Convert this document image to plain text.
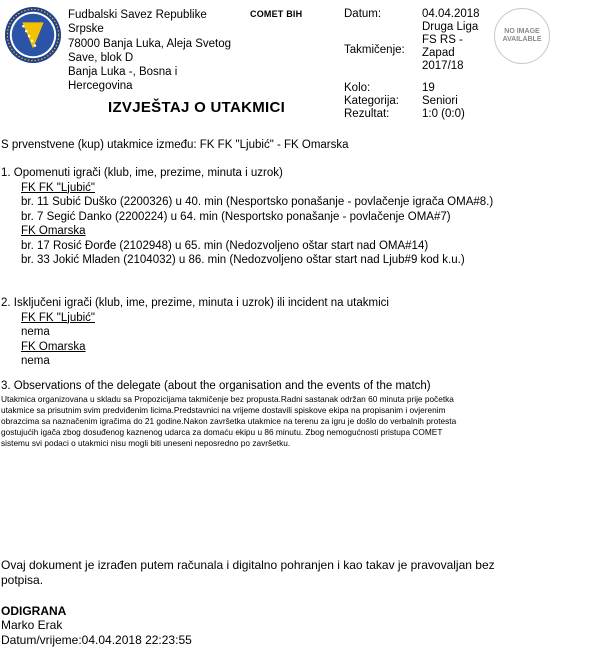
Fudbalski Savez Republike
Srpske
78000 Banja Luka, Aleja Svetog
Save, blok D
Banja Luka -, Bosna i
Hercegovina
COMET BIH
IZVJEŠTAJ O UTAKMICI
Datum:	04.04.2018
Takmičenje:
Druga Liga
FS RS -
Zapad
2017/18
Kolo:	19
Kategorija: Seniori
Rezultat:	1:0 (0:0)
NO IMAGE
AVAILABLE
S prvenstvene (kup) utakmice između: FK FK "Ljubić" - FK Omarska
1. Opomenuti igrači (klub, ime, prezime, minuta i uzrok)
FK FK "Ljubić"
br. 11 Subić Duško (2200326) u 40. min (Nesportsko ponašanje - povlačenje igrača OMA#8.)
br. 7 Segić Danko (2200224) u 64. min (Nesportsko ponašanje - povlačenje OMA#7)
FK Omarska
br. 17 Rosić Đorđe (2102948) u 65. min (Nedozvoljeno oštar start nad OMA#14)
br. 33 Jokić Mladen (2104032) u 86. min (Nedozvoljeno oštar start nad Ljub#9 kod k.u.)
2. Isključeni igrači (klub, ime, prezime, minuta i uzrok) ili incident na utakmici
FK FK "Ljubić"
nema
FK Omarska
nema
3. Observations of the delegate (about the organisation and the events of the match)
Utakmica organizovana u skladu sa Propozicijama takmičenje bez propusta.Radni sastanak održan 60 minuta prije početka
utakmice sa prisutnim svim predviđenim licima.Predstavnici na vrijeme dostavili spiskove ekipa na propisanim i ovjerenim
obrazcima sa naznačenim igračima do 21 godine.Nakon završetka utakmice na terenu za igru je došlo do verbalnih protesta
gostujućih igača zbog dosuđenog kaznenog udarca za domaću ekipu u 86 minutu. Zbog nemogućnosti pristupa COMET
sistemu svi podaci o utakmici nisu mogli biti uneseni neposredno po završetku.
Ovaj dokument je izrađen putem računala i digitalno pohranjen i kao takav je pravovaljan bez
potpisa.
ODIGRANA
Marko Erak
Datum/vrijeme:04.04.2018 22:23:55
